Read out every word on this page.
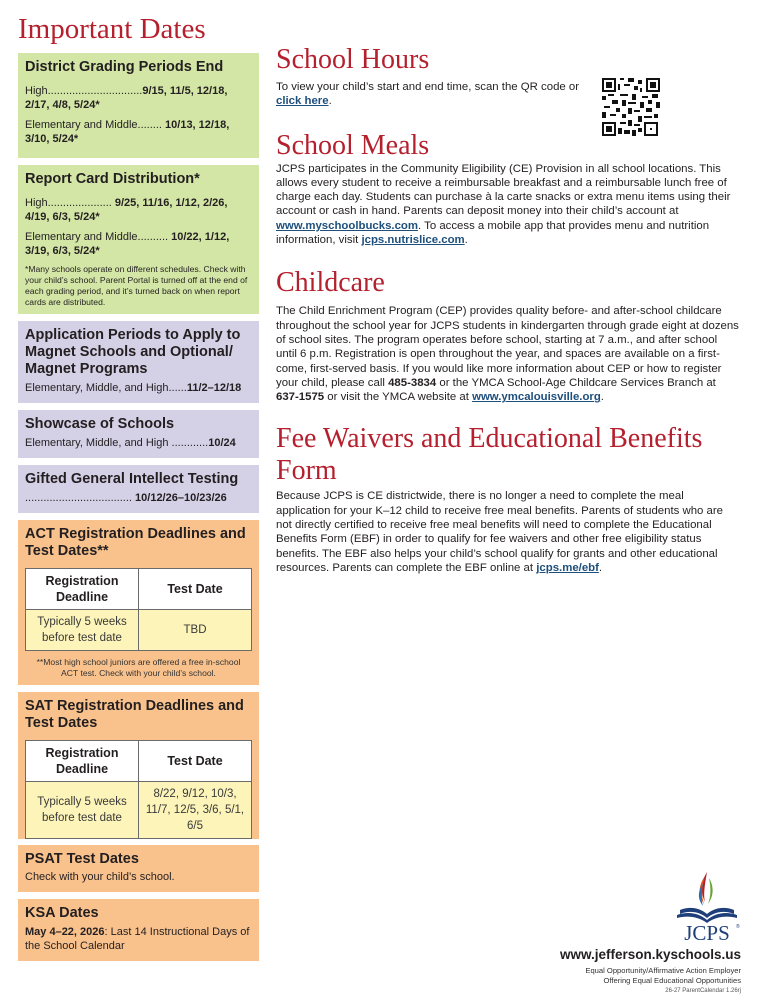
Important Dates
District Grading Periods End

High...............................9/15, 11/5, 12/18, 2/17, 4/8, 5/24*

Elementary and Middle........ 10/13, 12/18, 3/10, 5/24*

Report Card Distribution*

High..................... 9/25, 11/16, 1/12, 2/26, 4/19, 6/3, 5/24*

Elementary and Middle.......... 10/22, 1/12, 3/19, 6/3, 5/24*

*Many schools operate on different schedules. Check with your child’s school. Parent Portal is turned off at the end of each grading period, and it’s turned back on when report cards are distributed.

Application Periods to Apply to Magnet Schools and Optional/ Magnet Programs

Elementary, Middle, and High......11/2–12/18

Showcase of Schools

Elementary, Middle, and High ............10/24

Gifted General Intellect Testing

................................... 10/12/26–10/23/26

ACT Registration Deadlines and Test Dates**
Registration Deadline	Test Date
Typically 5 weeks before test date	TBD

**Most high school juniors are offered a free in-school ACT test. Check with your child’s school.

SAT Registration Deadlines and Test Dates
Registration Deadline	Test Date
Typically 5 weeks before test date	8/22, 9/12, 10/3, 11/7, 12/5, 3/6, 5/1, 6/5
PSAT Test Dates

Check with your child’s school.

KSA Dates

May 4–22, 2026: Last 14 Instructional Days of the School Calendar

School Hours

To view your child’s start and end time, scan the QR code or click here.

School Meals

JCPS participates in the Community Eligibility (CE) Provision in all school locations. This allows every student to receive a reimbursable breakfast and a reimbursable lunch free of charge each day. Students can purchase à la carte snacks or extra menu items using their account or cash in hand. Parents can deposit money into their child’s account at www.myschoolbucks.com. To access a mobile app that provides menu and nutrition information, visit jcps.nutrislice.com.

Childcare

The Child Enrichment Program (CEP) provides quality before- and after-school childcare throughout the school year for JCPS students in kindergarten through grade eight at dozens of school sites. The program operates before school, starting at 7 a.m., and after school until 6 p.m. Registration is open throughout the year, and spaces are available on a first-come, first-served basis. If you would like more information about CEP or how to register your child, please call 485-3834 or the YMCA School-Age Childcare Services Branch at 637-1575 or visit the YMCA website at www.ymcalouisville.org.

Fee Waivers and Educational Benefits Form

Because JCPS is CE districtwide, there is no longer a need to complete the meal application for your K–12 child to receive free meal benefits. Parents of students who are not directly certified to receive free meal benefits will need to complete the Educational Benefits Form (EBF) in order to qualify for fee waivers and other free eligibility status benefits. The EBF also helps your child’s school qualify for grants and other educational resources. Parents can complete the EBF online at jcps.me/ebf.

JCPS ®
www.jefferson.kyschools.us
Equal Opportunity/Affirmative Action Employer
Offering Equal Educational Opportunities
26-27 ParentCalendar 1.26rj
